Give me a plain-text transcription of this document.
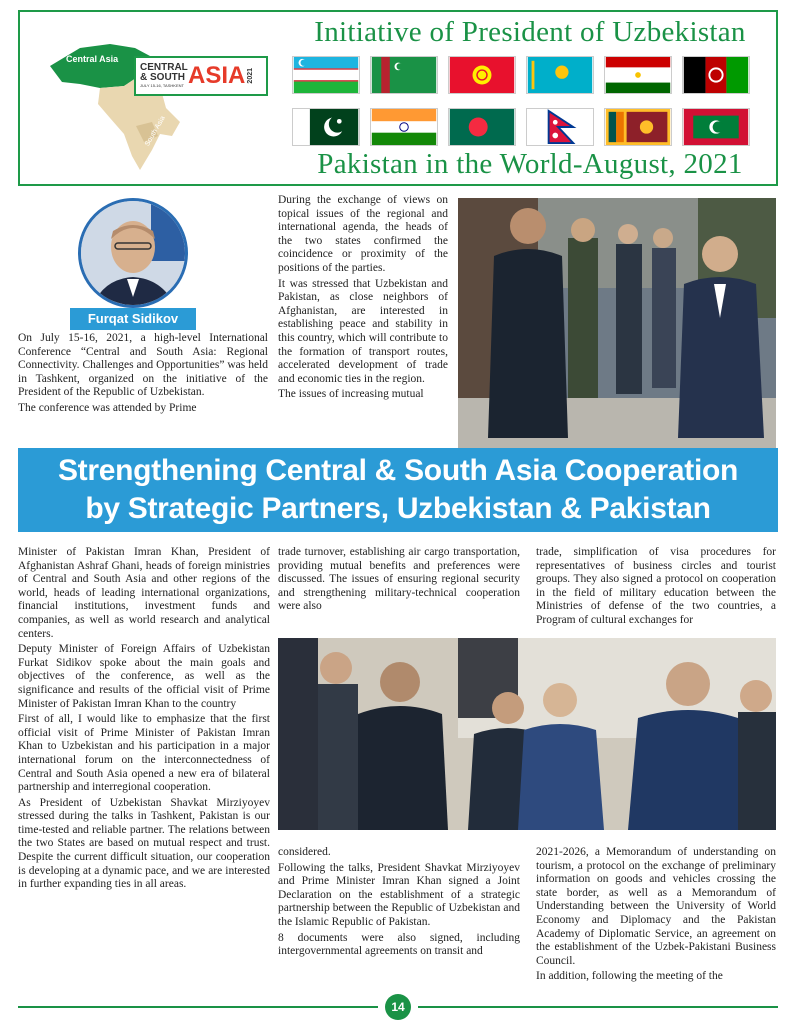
Central Asia
South Asia
CENTRAL
& SOUTH
JULY 15-16, TASHKENT ASIA 2021
Initiative of President of Uzbekistan
Pakistan in the World-August, 2021
Furqat Sidikov

On July 15-16, 2021, a high-level International Conference “Central and South Asia: Regional Connectivity. Challenges and Opportunities” was held in Tashkent, organized on the initiative of the President of the Republic of Uzbekistan.

The conference was attended by Prime

During the exchange of views on topical issues of the regional and international agenda, the heads of the two states confirmed the coincidence or proximity of the positions of the parties.

It was stressed that Uzbekistan and Pakistan, as close neighbors of Afghanistan, are interested in establishing peace and stability in this country, which will contribute to the formation of transport routes, accelerated development of trade and economic ties in the region.

The issues of increasing mutual

Strengthening Central & South Asia Cooperation
by Strategic Partners, Uzbekistan & Pakistan

Minister of Pakistan Imran Khan, President of Afghanistan Ashraf Ghani, heads of foreign ministries of Central and South Asia and other regions of the world, heads of leading international organizations, financial institutions, investment funds and companies, as well as world research and analytical centers.

Deputy Minister of Foreign Affairs of Uzbekistan Furkat Sidikov spoke about the main goals and objectives of the conference, as well as the significance and results of the official visit of Prime Minister of Pakistan Imran Khan to the country

First of all, I would like to emphasize that the first official visit of Prime Minister of Pakistan Imran Khan to Uzbekistan and his participation in a major international forum on the interconnectedness of Central and South Asia opened a new era of bilateral partnership and interregional cooperation.

As President of Uzbekistan Shavkat Mirziyoyev stressed during the talks in Tashkent, Pakistan is our time-tested and reliable partner. The relations between the two States are based on mutual respect and trust. Despite the current difficult situation, our cooperation is developing at a dynamic pace, and we are interested in further expanding ties in all areas.

trade turnover, establishing air cargo transportation, providing mutual benefits and preferences were discussed. The issues of ensuring regional security and strengthening military-technical cooperation were also

trade, simplification of visa procedures for representatives of business circles and tourist groups. They also signed a protocol on cooperation in the field of military education between the Ministries of defense of the two countries, a Program of cultural exchanges for

considered.

Following the talks, President Shavkat Mirziyoyev and Prime Minister Imran Khan signed a Joint Declaration on the establishment of a strategic partnership between the Republic of Uzbekistan and the Islamic Republic of Pakistan.

8 documents were also signed, including intergovernmental agreements on transit and

2021-2026, a Memorandum of understanding on tourism, a protocol on the exchange of preliminary information on goods and vehicles crossing the state border, as well as a Memorandum of Understanding between the University of World Economy and Diplomacy and the Pakistan Academy of Diplomatic Service, an agreement on the establishment of the Uzbek-Pakistani Business Council.

In addition, following the meeting of the

14
